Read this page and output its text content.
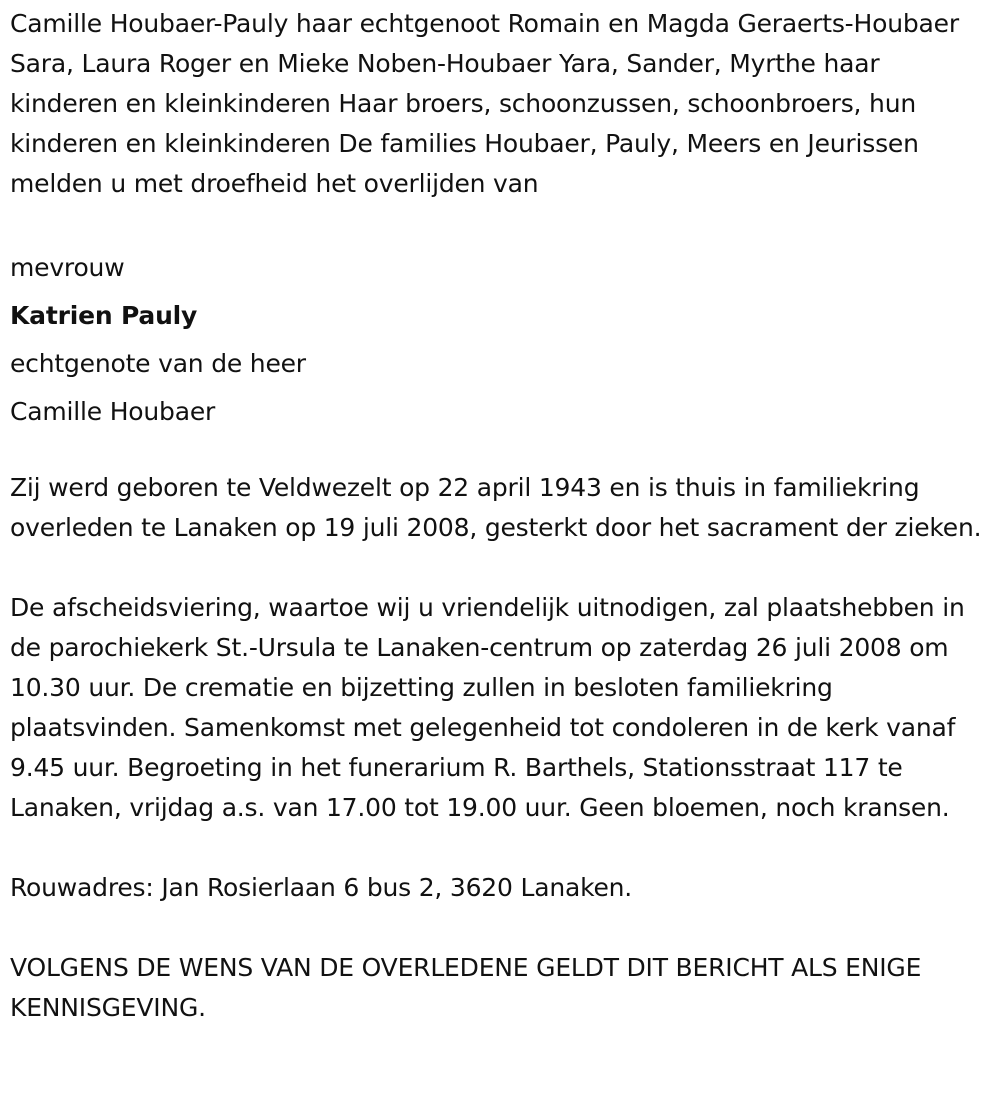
Camille Houbaer-Pauly haar echtgenoot Romain en Magda Geraerts-Houbaer Sara, Laura Roger en Mieke Noben-Houbaer Yara, Sander, Myrthe haar kinderen en kleinkinderen Haar broers, schoonzussen, schoonbroers, hun kinderen en kleinkinderen De families Houbaer, Pauly, Meers en Jeurissen melden u met droefheid het overlijden van

mevrouw

Katrien Pauly

echtgenote van de heer

Camille Houbaer

Zij werd geboren te Veldwezelt op 22 april 1943 en is thuis in familiekring overleden te Lanaken op 19 juli 2008, gesterkt door het sacrament der zieken.

De afscheidsviering, waartoe wij u vriendelijk uitnodigen, zal plaatshebben in de parochiekerk St.-Ursula te Lanaken-centrum op zaterdag 26 juli 2008 om 10.30 uur. De crematie en bijzetting zullen in besloten familiekring plaatsvinden. Samenkomst met gelegenheid tot condoleren in de kerk vanaf 9.45 uur. Begroeting in het funerarium R. Barthels, Stationsstraat 117 te Lanaken, vrijdag a.s. van 17.00 tot 19.00 uur. Geen bloemen, noch kransen.

Rouwadres: Jan Rosierlaan 6 bus 2, 3620 Lanaken.

VOLGENS DE WENS VAN DE OVERLEDENE GELDT DIT BERICHT ALS ENIGE KENNISGEVING.
